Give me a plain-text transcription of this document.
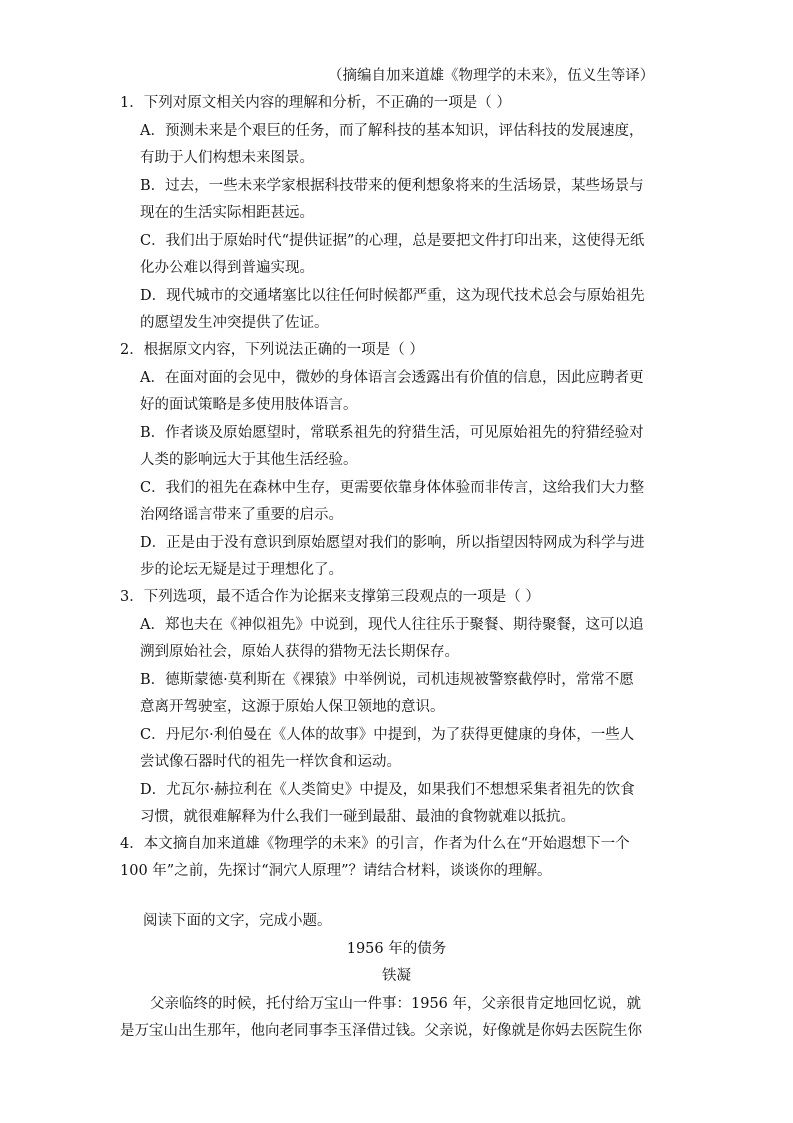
（摘编自加来道雄《物理学的未来》，伍义生等译）
1．下列对原文相关内容的理解和分析，不正确的一项是（ ）
A．预测未来是个艰巨的任务，而了解科技的基本知识，评估科技的发展速度，
有助于人们构想未来图景。
B．过去，一些未来学家根据科技带来的便利想象将来的生活场景，某些场景与
现在的生活实际相距甚远。
C．我们出于原始时代“提供证据”的心理，总是要把文件打印出来，这使得无纸
化办公难以得到普遍实现。
D．现代城市的交通堵塞比以往任何时候都严重，这为现代技术总会与原始祖先
的愿望发生冲突提供了佐证。
2．根据原文内容，下列说法正确的一项是（ ）
A．在面对面的会见中，微妙的身体语言会透露出有价值的信息，因此应聘者更
好的面试策略是多使用肢体语言。
B．作者谈及原始愿望时，常联系祖先的狩猎生活，可见原始祖先的狩猎经验对
人类的影响远大于其他生活经验。
C．我们的祖先在森林中生存，更需要依靠身体体验而非传言，这给我们大力整
治网络谣言带来了重要的启示。
D．正是由于没有意识到原始愿望对我们的影响，所以指望因特网成为科学与进
步的论坛无疑是过于理想化了。
3．下列选项，最不适合作为论据来支撑第三段观点的一项是（ ）
A．郑也夫在《神似祖先》中说到，现代人往往乐于聚餐、期待聚餐，这可以追
溯到原始社会，原始人获得的猎物无法长期保存。
B．德斯蒙德·莫利斯在《裸猿》中举例说，司机违规被警察截停时，常常不愿
意离开驾驶室，这源于原始人保卫领地的意识。
C．丹尼尔·利伯曼在《人体的故事》中提到，为了获得更健康的身体，一些人
尝试像石器时代的祖先一样饮食和运动。
D．尤瓦尔·赫拉利在《人类简史》中提及，如果我们不想想采集者祖先的饮食
习惯，就很难解释为什么我们一碰到最甜、最油的食物就难以抵抗。
4．本文摘自加来道雄《物理学的未来》的引言，作者为什么在“开始遐想下一个
100 年”之前，先探讨“洞穴人原理”？请结合材料，谈谈你的理解。
阅读下面的文字，完成小题。
1956 年的债务
铁凝
父亲临终的时候，托付给万宝山一件事：1956 年，父亲很肯定地回忆说，就
是万宝山出生那年，他向老同事李玉泽借过钱。父亲说，好像就是你妈去医院生你
